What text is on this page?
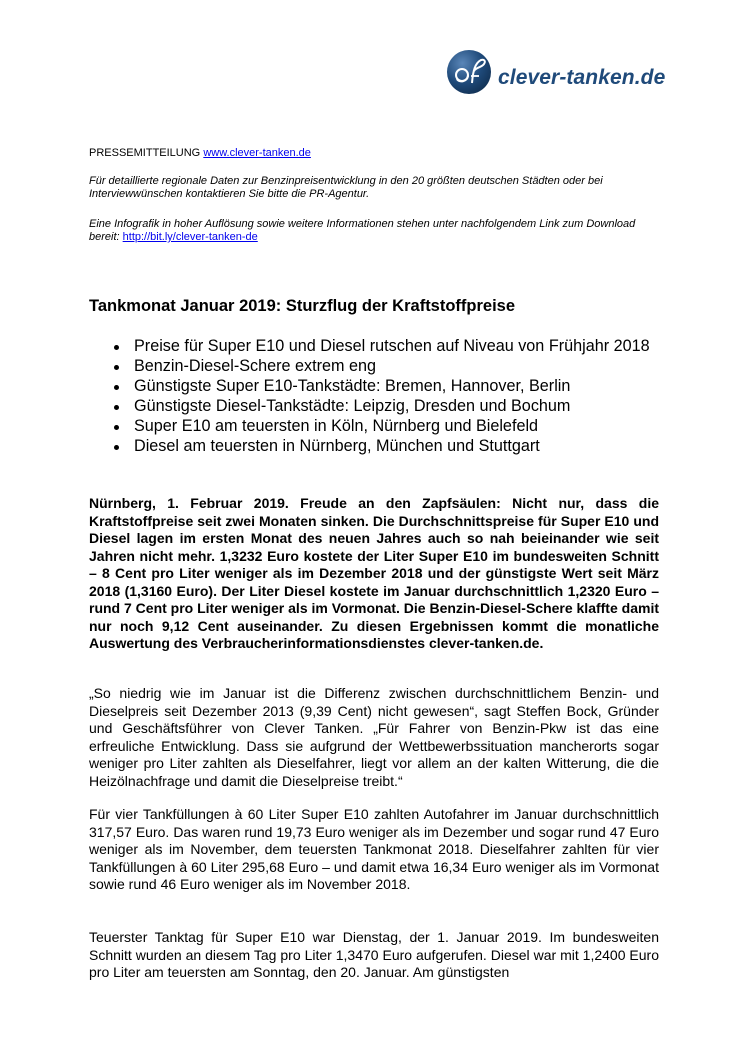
clever-tanken.de
PRESSEMITTEILUNG www.clever-tanken.de
Für detaillierte regionale Daten zur Benzinpreisentwicklung in den 20 größten deutschen Städten oder bei Interviewwünschen kontaktieren Sie bitte die PR-Agentur.
Eine Infografik in hoher Auflösung sowie weitere Informationen stehen unter nachfolgendem Link zum Download bereit: http://bit.ly/clever-tanken-de
Tankmonat Januar 2019: Sturzflug der Kraftstoffpreise
Preise für Super E10 und Diesel rutschen auf Niveau von Frühjahr 2018
Benzin-Diesel-Schere extrem eng
Günstigste Super E10-Tankstädte: Bremen, Hannover, Berlin
Günstigste Diesel-Tankstädte: Leipzig, Dresden und Bochum
Super E10 am teuersten in Köln, Nürnberg und Bielefeld
Diesel am teuersten in Nürnberg, München und Stuttgart
Nürnberg, 1. Februar 2019. Freude an den Zapfsäulen: Nicht nur, dass die Kraftstoffpreise seit zwei Monaten sinken. Die Durchschnittspreise für Super E10 und Diesel lagen im ersten Monat des neuen Jahres auch so nah beieinander wie seit Jahren nicht mehr. 1,3232 Euro kostete der Liter Super E10 im bundesweiten Schnitt – 8 Cent pro Liter weniger als im Dezember 2018 und der günstigste Wert seit März 2018 (1,3160 Euro). Der Liter Diesel kostete im Januar durchschnittlich 1,2320 Euro – rund 7 Cent pro Liter weniger als im Vormonat. Die Benzin-Diesel-Schere klaffte damit nur noch 9,12 Cent auseinander. Zu diesen Ergebnissen kommt die monatliche Auswertung des Verbraucherinformationsdienstes clever-tanken.de.
„So niedrig wie im Januar ist die Differenz zwischen durchschnittlichem Benzin- und Dieselpreis seit Dezember 2013 (9,39 Cent) nicht gewesen“, sagt Steffen Bock, Gründer und Geschäftsführer von Clever Tanken. „Für Fahrer von Benzin-Pkw ist das eine erfreuliche Entwicklung. Dass sie aufgrund der Wettbewerbssituation mancherorts sogar weniger pro Liter zahlten als Dieselfahrer, liegt vor allem an der kalten Witterung, die die Heizölnachfrage und damit die Dieselpreise treibt.“
Für vier Tankfüllungen à 60 Liter Super E10 zahlten Autofahrer im Januar durchschnittlich 317,57 Euro. Das waren rund 19,73 Euro weniger als im Dezember und sogar rund 47 Euro weniger als im November, dem teuersten Tankmonat 2018. Dieselfahrer zahlten für vier Tankfüllungen à 60 Liter 295,68 Euro – und damit etwa 16,34 Euro weniger als im Vormonat sowie rund 46 Euro weniger als im November 2018.
Teuerster Tanktag für Super E10 war Dienstag, der 1. Januar 2019. Im bundesweiten Schnitt wurden an diesem Tag pro Liter 1,3470 Euro aufgerufen. Diesel war mit 1,2400 Euro pro Liter am teuersten am Sonntag, den 20. Januar. Am günstigsten
